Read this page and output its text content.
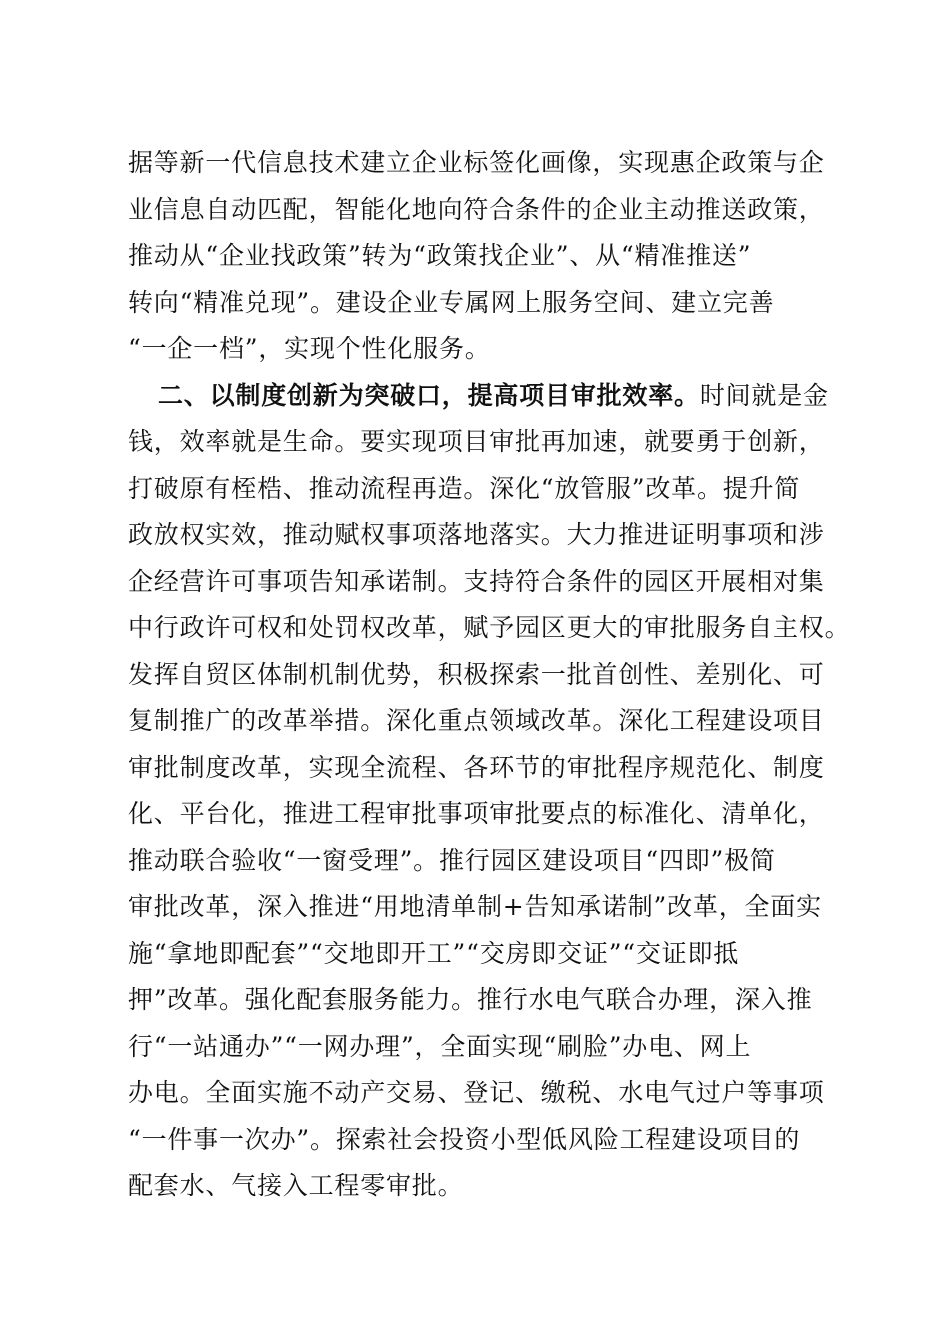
据等新一代信息技术建立企业标签化画像，实现惠企政策与企
业信息自动匹配，智能化地向符合条件的企业主动推送政策，
推动从“企业找政策”转为“政策找企业”、从“精准推送”
转向“精准兑现”。建设企业专属网上服务空间、建立完善
“一企一档”，实现个性化服务。
二、以制度创新为突破口，提高项目审批效率。时间就是金
钱，效率就是生命。要实现项目审批再加速，就要勇于创新，
打破原有桎梏、推动流程再造。深化“放管服”改革。提升简
政放权实效，推动赋权事项落地落实。大力推进证明事项和涉
企经营许可事项告知承诺制。支持符合条件的园区开展相对集
中行政许可权和处罚权改革，赋予园区更大的审批服务自主权。
发挥自贸区体制机制优势，积极探索一批首创性、差别化、可
复制推广的改革举措。深化重点领域改革。深化工程建设项目
审批制度改革，实现全流程、各环节的审批程序规范化、制度
化、平台化，推进工程审批事项审批要点的标准化、清单化，
推动联合验收“一窗受理”。推行园区建设项目“四即”极简
审批改革，深入推进“用地清单制+告知承诺制”改革，全面实
施“拿地即配套”“交地即开工”“交房即交证”“交证即抵
押”改革。强化配套服务能力。推行水电气联合办理，深入推
行“一站通办”“一网办理”，全面实现“刷脸”办电、网上
办电。全面实施不动产交易、登记、缴税、水电气过户等事项
“一件事一次办”。探索社会投资小型低风险工程建设项目的
配套水、气接入工程零审批。
